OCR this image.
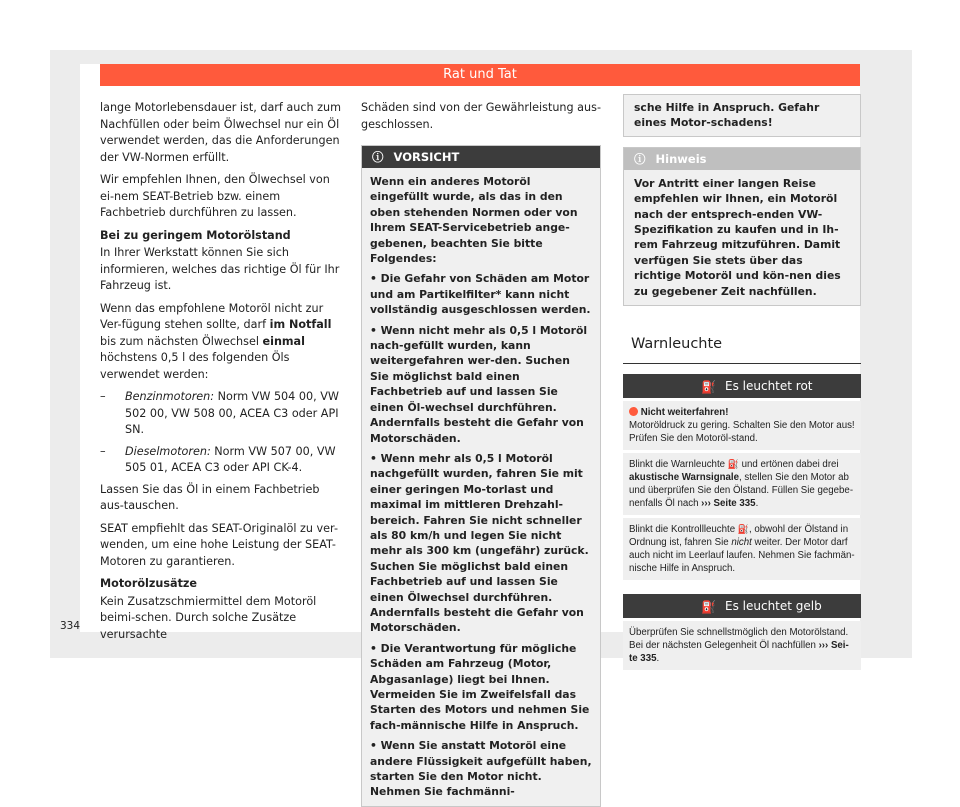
Rat und Tat

lange Motorlebensdauer ist, darf auch zum Nachfüllen oder beim Ölwechsel nur ein Öl verwendet werden, das die Anforderungen der VW-Normen erfüllt.

Wir empfehlen Ihnen, den Ölwechsel von ei-nem SEAT-Betrieb bzw. einem Fachbetrieb durchführen zu lassen.

Bei zu geringem Motorölstand

In Ihrer Werkstatt können Sie sich informieren, welches das richtige Öl für Ihr Fahrzeug ist.

Wenn das empfohlene Motoröl nicht zur Ver-fügung stehen sollte, darf im Notfall bis zum nächsten Ölwechsel einmal höchstens 0,5 l des folgenden Öls verwendet werden:

–	Benzinmotoren: Norm VW 504 00, VW 502 00, VW 508 00, ACEA C3 oder API SN.
–	Dieselmotoren: Norm VW 507 00, VW 505 01, ACEA C3 oder API CK-4.

Lassen Sie das Öl in einem Fachbetrieb aus-tauschen.

SEAT empfiehlt das SEAT-Originalöl zu ver-wenden, um eine hohe Leistung der SEAT-Motoren zu garantieren.

Motorölzusätze

Kein Zusatzschmiermittel dem Motoröl beimi-schen. Durch solche Zusätze verursachte

Schäden sind von der Gewährleistung aus-geschlossen.

ⓘ VORSICHT

Wenn ein anderes Motoröl eingefüllt wurde, als das in den oben stehenden Normen oder von Ihrem SEAT-Servicebetrieb ange-gebenen, beachten Sie bitte Folgendes:

• Die Gefahr von Schäden am Motor und am Partikelfilter* kann nicht vollständig ausgeschlossen werden.

• Wenn nicht mehr als 0,5 l Motoröl nach-gefüllt wurden, kann weitergefahren wer-den. Suchen Sie möglichst bald einen Fachbetrieb auf und lassen Sie einen Öl-wechsel durchführen. Andernfalls besteht die Gefahr von Motorschäden.

• Wenn mehr als 0,5 l Motoröl nachgefüllt wurden, fahren Sie mit einer geringen Mo-torlast und maximal im mittleren Drehzahl-bereich. Fahren Sie nicht schneller als 80 km/h und legen Sie nicht mehr als 300 km (ungefähr) zurück. Suchen Sie möglichst bald einen Fachbetrieb auf und lassen Sie einen Ölwechsel durchführen. Andernfalls besteht die Gefahr von Motorschäden.

• Die Verantwortung für mögliche Schäden am Fahrzeug (Motor, Abgasanlage) liegt bei Ihnen. Vermeiden Sie im Zweifelsfall das Starten des Motors und nehmen Sie fach-männische Hilfe in Anspruch.

• Wenn Sie anstatt Motoröl eine andere Flüssigkeit aufgefüllt haben, starten Sie den Motor nicht. Nehmen Sie fachmänni-

sche Hilfe in Anspruch. Gefahr eines Motor-schadens!
ⓘ Hinweis
Vor Antritt einer langen Reise empfehlen wir Ihnen, ein Motoröl nach der entsprech-enden VW-Spezifikation zu kaufen und in Ih-rem Fahrzeug mitzuführen. Damit verfügen Sie stets über das richtige Motoröl und kön-nen dies zu gegebener Zeit nachfüllen.
Warnleuchte
⛽ Es leuchtet rot
Nicht weiterfahren!
Motoröldruck zu gering. Schalten Sie den Motor aus! Prüfen Sie den Motoröl-stand.
Blinkt die Warnleuchte ⛽ und ertönen dabei drei akustische Warnsignale, stellen Sie den Motor ab und überprüfen Sie den Ölstand. Füllen Sie gegebe-nenfalls Öl nach ››› Seite 335.
Blinkt die Kontrollleuchte ⛽, obwohl der Ölstand in Ordnung ist, fahren Sie nicht weiter. Der Motor darf auch nicht im Leerlauf laufen. Nehmen Sie fachmän-nische Hilfe in Anspruch.
⛽ Es leuchtet gelb
Überprüfen Sie schnellstmöglich den Motorölstand. Bei der nächsten Gelegenheit Öl nachfüllen ››› Sei-te 335.
334
